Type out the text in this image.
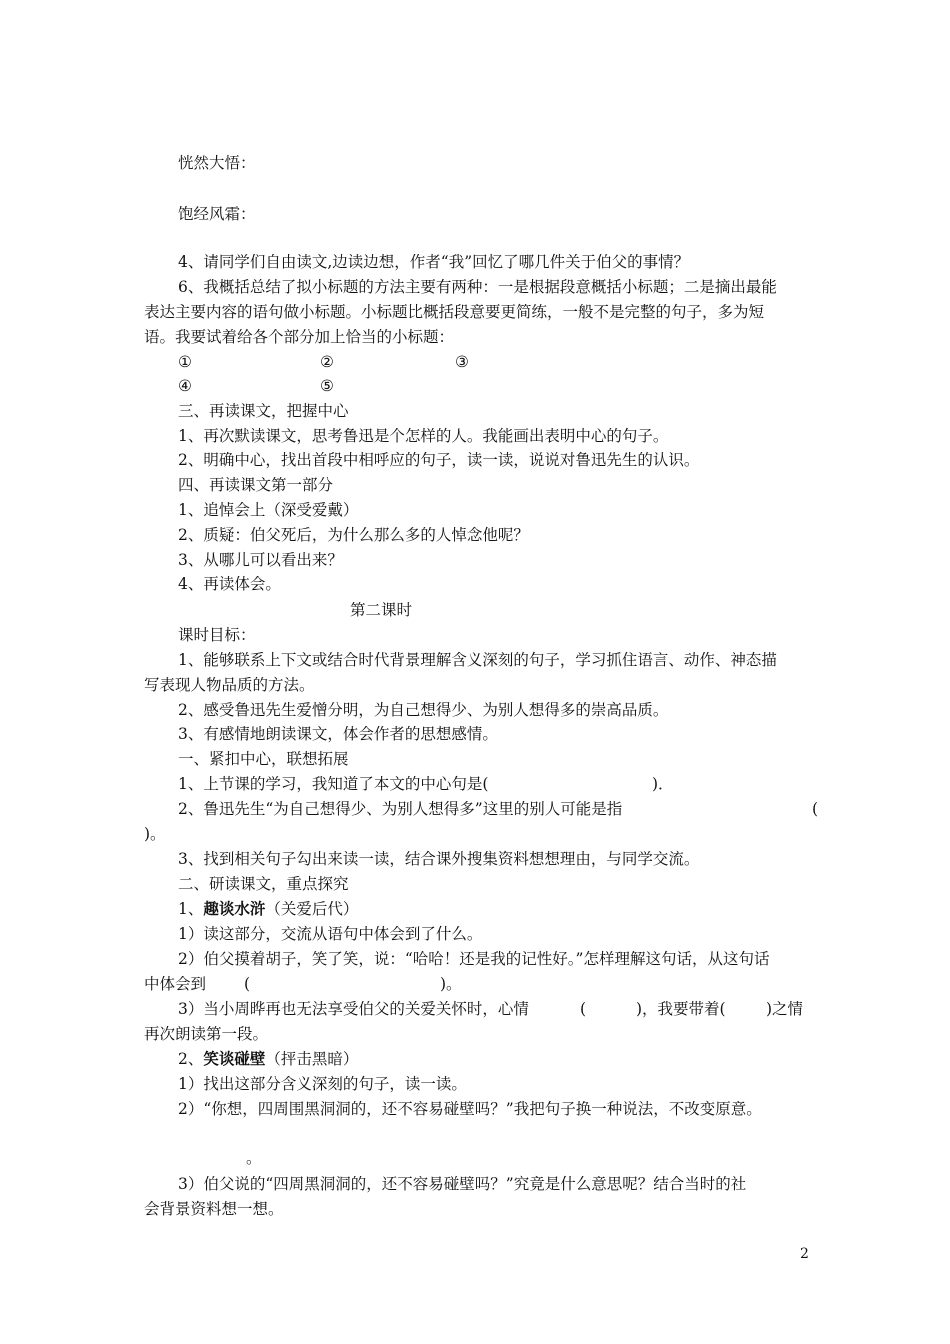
恍然大悟：
饱经风霜：
4、请同学们自由读文,边读边想，作者“我”回忆了哪几件关于伯父的事情？
6、我概括总结了拟小标题的方法主要有两种：一是根据段意概括小标题；二是摘出最能
表达主要内容的语句做小标题。小标题比概括段意要更简练，一般不是完整的句子，多为短
语。我要试着给各个部分加上恰当的小标题：
①	②	③
④	⑤
三、再读课文，把握中心
1、再次默读课文，思考鲁迅是个怎样的人。我能画出表明中心的句子。
2、明确中心，找出首段中相呼应的句子，读一读，说说对鲁迅先生的认识。
四、再读课文第一部分
1、追悼会上（深受爱戴）
2、质疑：伯父死后，为什么那么多的人悼念他呢？
3、从哪儿可以看出来？
4、再读体会。
第二课时
课时目标：
1、能够联系上下文或结合时代背景理解含义深刻的句子，学习抓住语言、动作、神态描
写表现人物品质的方法。
2、感受鲁迅先生爱憎分明，为自己想得少、为别人想得多的崇高品质。
3、有感情地朗读课文，体会作者的思想感情。
一、紧扣中心，联想拓展
1、上节课的学习，我知道了本文的中心句是(	)．
2、鲁迅先生“为自己想得少、为别人想得多”这里的别人可能是指	(
)。
3、找到相关句子勾出来读一读，结合课外搜集资料想想理由，与同学交流。
二、研读课文，重点探究
1、趣谈水浒（关爱后代）
1）读这部分，交流从语句中体会到了什么。
2）伯父摸着胡子，笑了笑，说：“哈哈！还是我的记性好。”怎样理解这句话，从这句话
中体会到 (	)。
3）当小周晔再也无法享受伯父的关爱关怀时，心情	(	)，我要带着(	)之情
再次朗读第一段。
2、笑谈碰壁（抨击黑暗）
1）找出这部分含义深刻的句子，读一读。
2）“你想，四周围黑洞洞的，还不容易碰壁吗？”我把句子换一种说法，不改变原意。
。
3）伯父说的“四周黑洞洞的，还不容易碰壁吗？”究竟是什么意思呢？结合当时的社
会背景资料想一想。
2
